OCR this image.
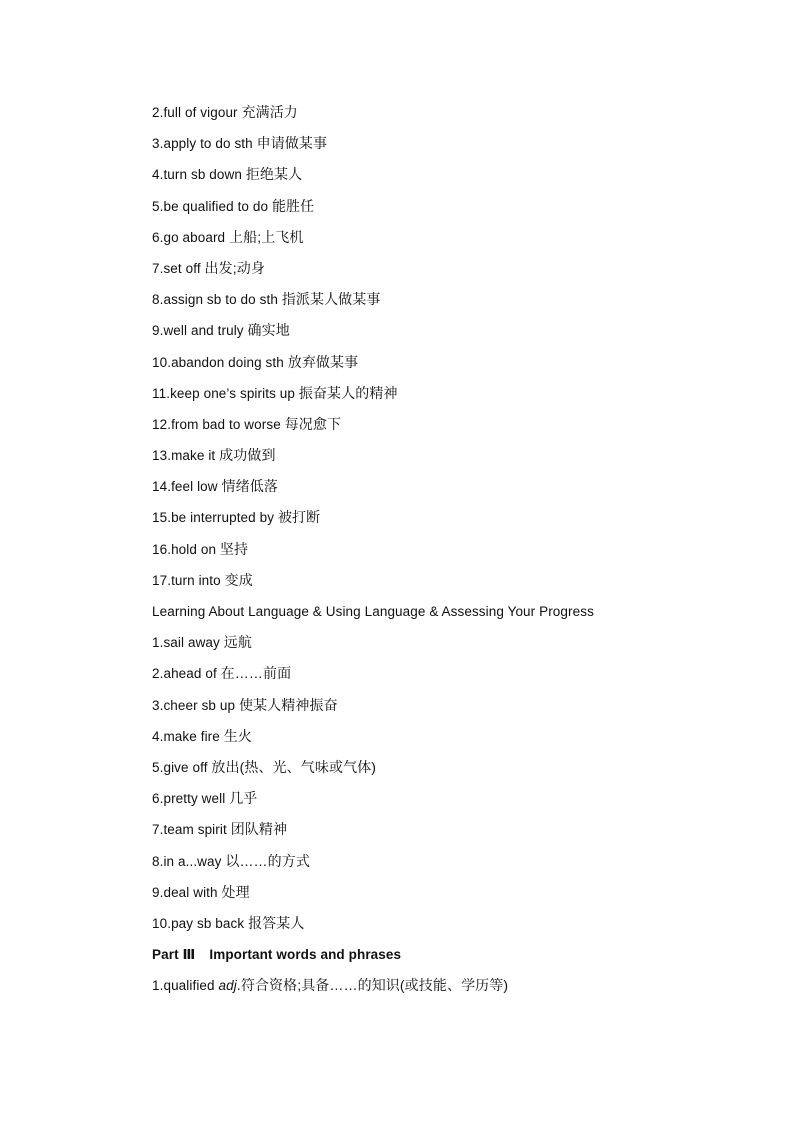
2.full of vigour 充满活力
3.apply to do sth 申请做某事
4.turn sb down 拒绝某人
5.be qualified to do 能胜任
6.go aboard 上船;上飞机
7.set off 出发;动身
8.assign sb to do sth 指派某人做某事
9.well and truly 确实地
10.abandon doing sth 放弃做某事
11.keep one’s spirits up 振奋某人的精神
12.from bad to worse 每况愈下
13.make it 成功做到
14.feel low 情绪低落
15.be interrupted by 被打断
16.hold on 坚持
17.turn into 变成
Learning About Language & Using Language & Assessing Your Progress
1.sail away 远航
2.ahead of 在……前面
3.cheer sb up 使某人精神振奋
4.make fire 生火
5.give off 放出(热、光、气味或气体)
6.pretty well 几乎
7.team spirit 团队精神
8.in a...way 以……的方式
9.deal with 处理
10.pay sb back 报答某人
Part Ⅲ Important words and phrases
1.qualified adj.符合资格;具备……的知识(或技能、学历等)
